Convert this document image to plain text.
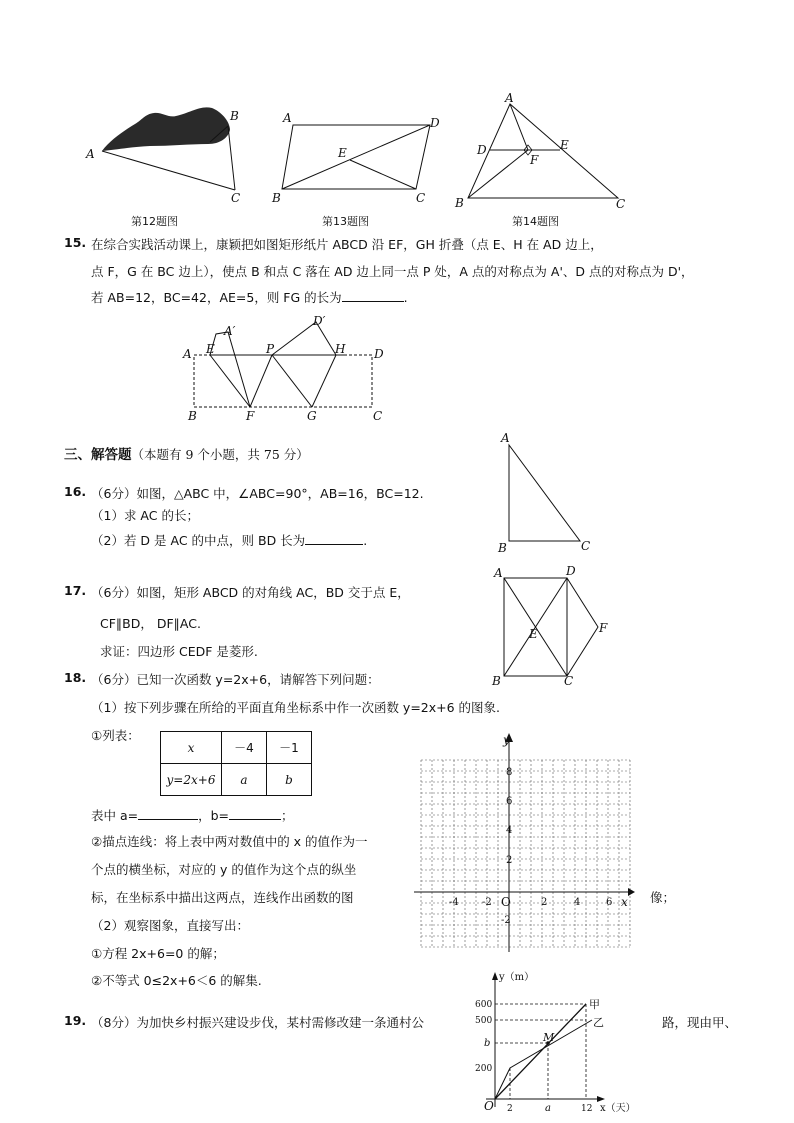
A
B
C
第12题图
A	D
E
B	C
第13题图
A
D	E
F
B	C
第14题图
15. 在综合实践活动课上，康颖把如图矩形纸片 ABCD 沿 EF，GH 折叠（点 E、H 在 AD 边上，
点 F，G 在 BC 边上），使点 B 和点 C 落在 AD 边上同一点 P 处，A 点的对称点为 A'、D 点的对称点为 D'，
若 AB=12，BC=42，AE=5，则 FG 的长为	.
A
A′
E	P
D′
H D
B	F	G	C
三、解答题（本题有 9 个小题，共 75 分）
16. （6分）如图，△ABC 中，∠ABC=90°，AB=16，BC=12.
（1）求 AC 的长；
（2）若 D 是 AC 的中点，则 BD 长为	.
A
B	C
17. （6分）如图，矩形 ABCD 的对角线 AC，BD 交于点 E，
CF∥BD， DF∥AC.
求证：四边形 CEDF 是菱形.
A	D
E	F
B	C
18. （6分）已知一次函数 y=2x+6，请解答下列问题：
（1）按下列步骤在所给的平面直角坐标系中作一次函数 y=2x+6 的图象.
①列表：
x	－4	－1
y=2x+6	a	b
表中 a=	，b=	；
②描点连线：将上表中两对数值中的 x 的值作为一
个点的横坐标，对应的 y 的值作为这个点的纵坐
标，在坐标系中描出这两点，连线作出函数的图	像；
（2）观察图象，直接写出：
①方程 2x+6=0 的解；
②不等式 0≤2x+6＜6 的解集.
x
y
O
-4 -2	2	4	6
8
6
4
2
-2
19. （8分）为加快乡村振兴建设步伐，某村需修改建一条通村公	路，现由甲、
y（m）
x（天）
O
600
500
b
200
2	a	12
甲
乙
M
